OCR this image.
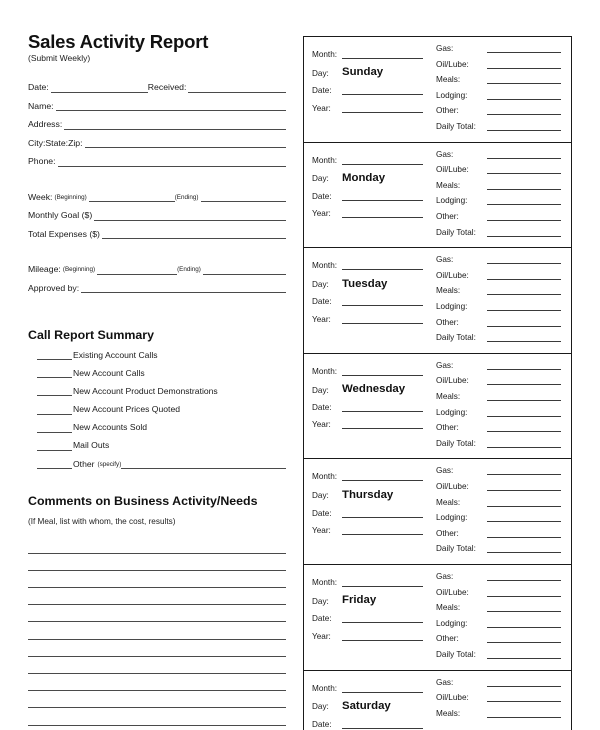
Sales Activity Report
(Submit Weekly)
Date:	Received:
Name:
Address:
City:State:Zip:
Phone:
Week: (Beginning)	(Ending)
Monthly Goal ($)
Total Expenses ($)
Mileage: (Beginning)	(Ending)
Approved by:
Call Report Summary
Existing Account Calls
New Account Calls
New Account Product Demonstrations
New Account Prices Quoted
New Accounts Sold
Mail Outs
Other (specify)
Comments on Business Activity/Needs
(If Meal, list with whom, the cost, results)
Month:
Day:	Sunday
Date:
Year:
Gas:
Oil/Lube:
Meals:
Lodging:
Other:
Daily Total:
Month:
Day:	Monday
Date:
Year:
Gas:
Oil/Lube:
Meals:
Lodging:
Other:
Daily Total:
Month:
Day:	Tuesday
Date:
Year:
Gas:
Oil/Lube:
Meals:
Lodging:
Other:
Daily Total:
Month:
Day:	Wednesday
Date:
Year:
Gas:
Oil/Lube:
Meals:
Lodging:
Other:
Daily Total:
Month:
Day:	Thursday
Date:
Year:
Gas:
Oil/Lube:
Meals:
Lodging:
Other:
Daily Total:
Month:
Day:	Friday
Date:
Year:
Gas:
Oil/Lube:
Meals:
Lodging:
Other:
Daily Total:
Month:
Day:	Saturday
Date:
Gas:
Oil/Lube:
Meals:
